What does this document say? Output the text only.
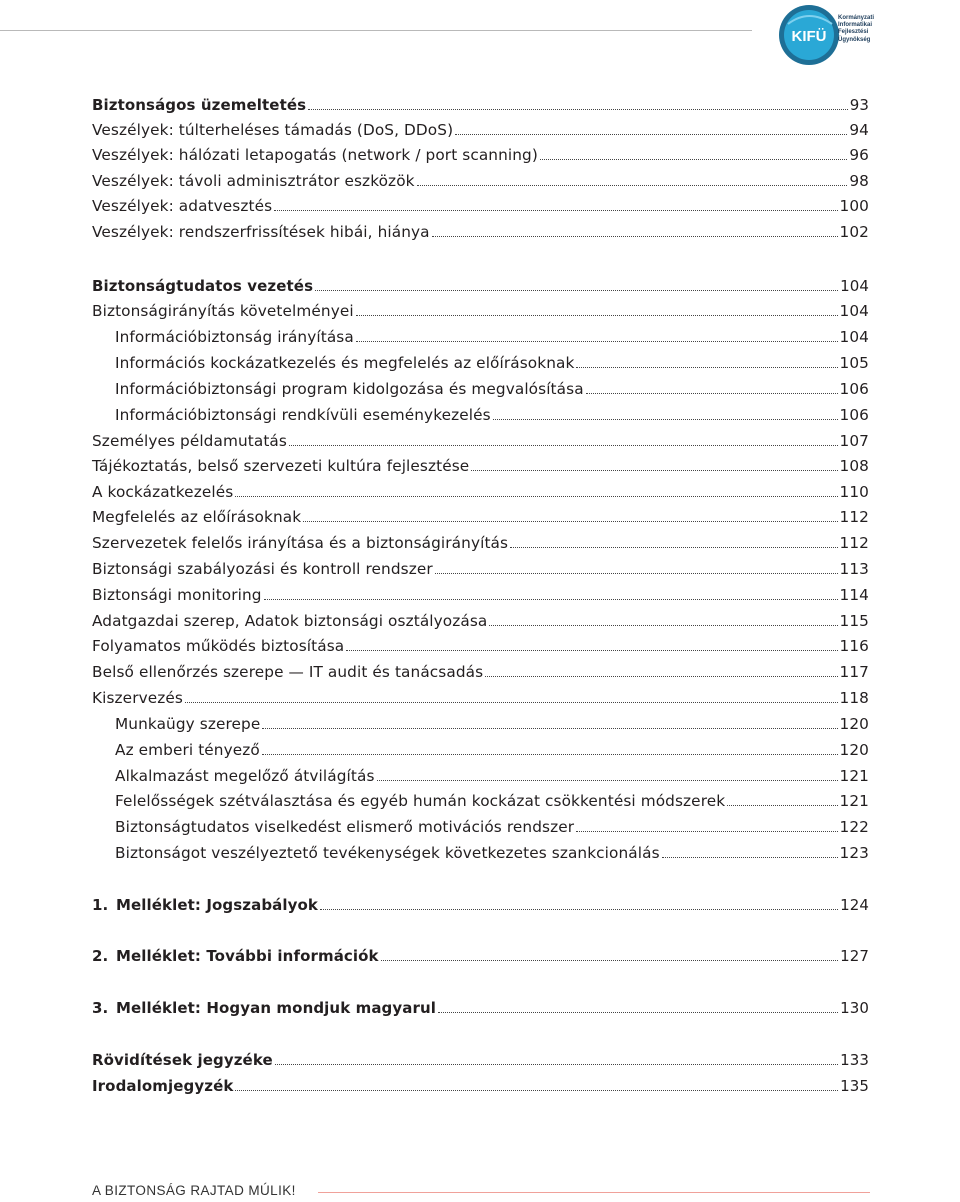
KIFÜ
Kormányzati
Informatikai
Fejlesztési
Ügynökség
Biztonságos üzemeltetés	93
Veszélyek: túlterheléses támadás (DoS, DDoS)	94
Veszélyek: hálózati letapogatás (network / port scanning)	96
Veszélyek: távoli adminisztrátor eszközök	98
Veszélyek: adatvesztés	100
Veszélyek: rendszerfrissítések hibái, hiánya	102
Biztonságtudatos vezetés	104
Biztonságirányítás követelményei	104
Információbiztonság irányítása	104
Információs kockázatkezelés és megfelelés az előírásoknak	105
Információbiztonsági program kidolgozása és megvalósítása	106
Információbiztonsági rendkívüli eseménykezelés	106
Személyes példamutatás	107
Tájékoztatás, belső szervezeti kultúra fejlesztése	108
A kockázatkezelés	110
Megfelelés az előírásoknak	112
Szervezetek felelős irányítása és a biztonságirányítás	112
Biztonsági szabályozási és kontroll rendszer	113
Biztonsági monitoring	114
Adatgazdai szerep, Adatok biztonsági osztályozása	115
Folyamatos működés biztosítása	116
Belső ellenőrzés szerepe — IT audit és tanácsadás	117
Kiszervezés	118
Munkaügy szerepe	120
Az emberi tényező	120
Alkalmazást megelőző átvilágítás	121
Felelősségek szétválasztása és egyéb humán kockázat csökkentési módszerek	121
Biztonságtudatos viselkedést elismerő motivációs rendszer	122
Biztonságot veszélyeztető tevékenységek következetes szankcionálás	123
1. Melléklet: Jogszabályok	124
2. Melléklet: További információk	127
3. Melléklet: Hogyan mondjuk magyarul	130
Rövidítések jegyzéke	133
Irodalomjegyzék	135
A BIZTONSÁG RAJTAD MÚLIK!
